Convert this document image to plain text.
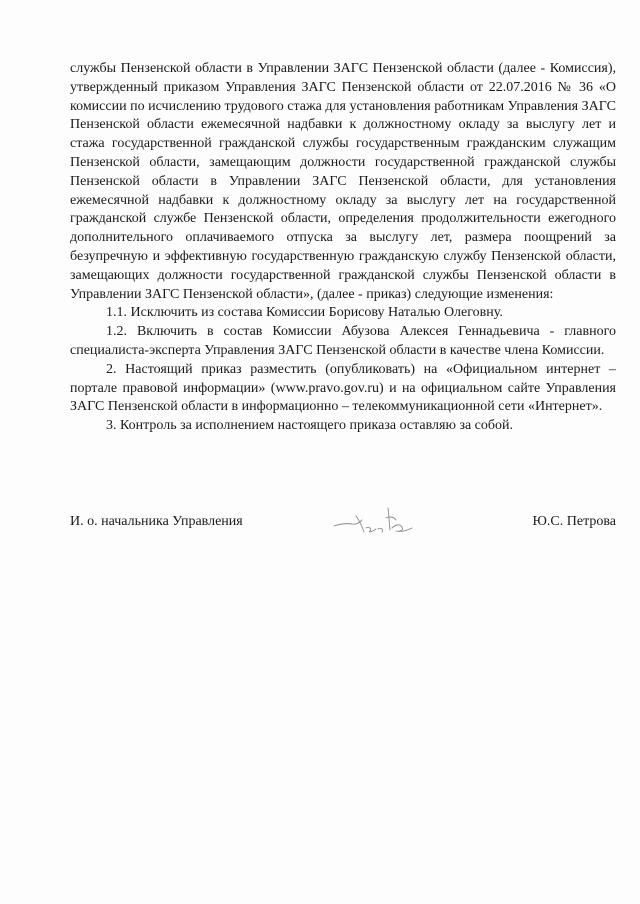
службы Пензенской области в Управлении ЗАГС Пензенской области (далее - Комиссия), утвержденный приказом Управления ЗАГС Пензенской области от 22.07.2016 № 36 «О комиссии по исчислению трудового стажа для установления работникам Управления ЗАГС Пензенской области ежемесячной надбавки к должностному окладу за выслугу лет и стажа государственной гражданской службы государственным гражданским служащим Пензенской области, замещающим должности государственной гражданской службы Пензенской области в Управлении ЗАГС Пензенской области, для установления ежемесячной надбавки к должностному окладу за выслугу лет на государственной гражданской службе Пензенской области, определения продолжительности ежегодного дополнительного оплачиваемого отпуска за выслугу лет, размера поощрений за безупречную и эффективную государственную гражданскую службу Пензенской области, замещающих должности государственной гражданской службы Пензенской области в Управлении ЗАГС Пензенской области», (далее - приказ) следующие изменения:

1.1. Исключить из состава Комиссии Борисову Наталью Олеговну.

1.2. Включить в состав Комиссии Абузова Алексея Геннадьевича - главного специалиста-эксперта Управления ЗАГС Пензенской области в качестве члена Комиссии.

2. Настоящий приказ разместить (опубликовать) на «Официальном интернет – портале правовой информации» (www.pravo.gov.ru) и на официальном сайте Управления ЗАГС Пензенской области в информационно – телекоммуникационной сети «Интернет».

3. Контроль за исполнением настоящего приказа оставляю за собой.

И. о. начальника Управления	Ю.С. Петрова
